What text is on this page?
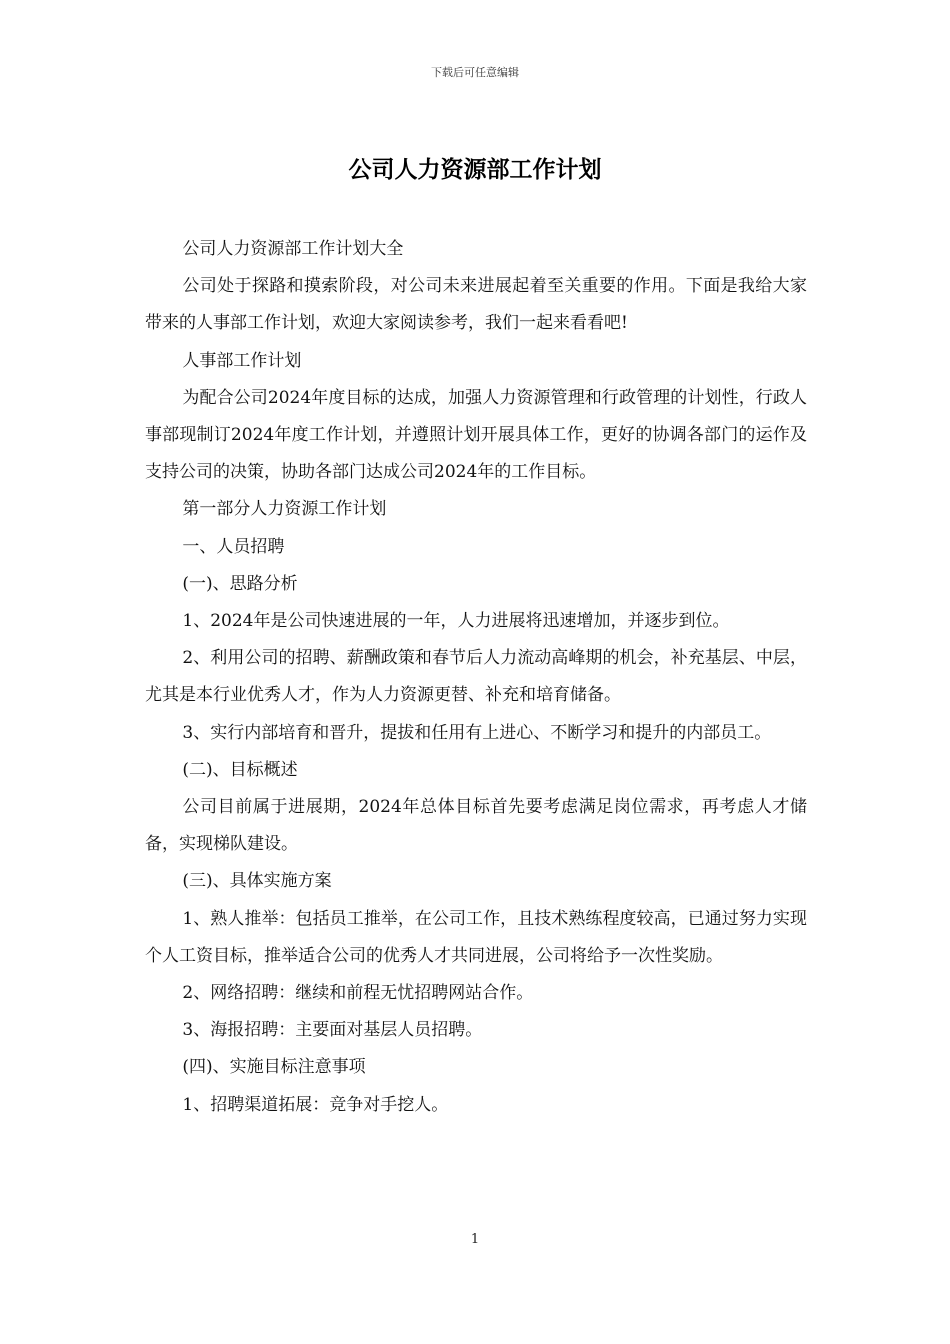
下载后可任意编辑
公司人力资源部工作计划

公司人力资源部工作计划大全

公司处于探路和摸索阶段，对公司未来进展起着至关重要的作用。下面是我给大家带来的人事部工作计划，欢迎大家阅读参考，我们一起来看看吧!

人事部工作计划

为配合公司2024年度目标的达成，加强人力资源管理和行政管理的计划性，行政人事部现制订2024年度工作计划，并遵照计划开展具体工作，更好的协调各部门的运作及支持公司的决策，协助各部门达成公司2024年的工作目标。

第一部分人力资源工作计划

一、人员招聘

(一)、思路分析

1、2024年是公司快速进展的一年，人力进展将迅速增加，并逐步到位。

2、利用公司的招聘、薪酬政策和春节后人力流动高峰期的机会，补充基层、中层，尤其是本行业优秀人才，作为人力资源更替、补充和培育储备。

3、实行内部培育和晋升，提拔和任用有上进心、不断学习和提升的内部员工。

(二)、目标概述

公司目前属于进展期，2024年总体目标首先要考虑满足岗位需求，再考虑人才储备，实现梯队建设。

(三)、具体实施方案

1、熟人推举：包括员工推举，在公司工作，且技术熟练程度较高，已通过努力实现个人工资目标，推举适合公司的优秀人才共同进展，公司将给予一次性奖励。

2、网络招聘：继续和前程无忧招聘网站合作。

3、海报招聘：主要面对基层人员招聘。

(四)、实施目标注意事项

1、招聘渠道拓展：竞争对手挖人。

1
